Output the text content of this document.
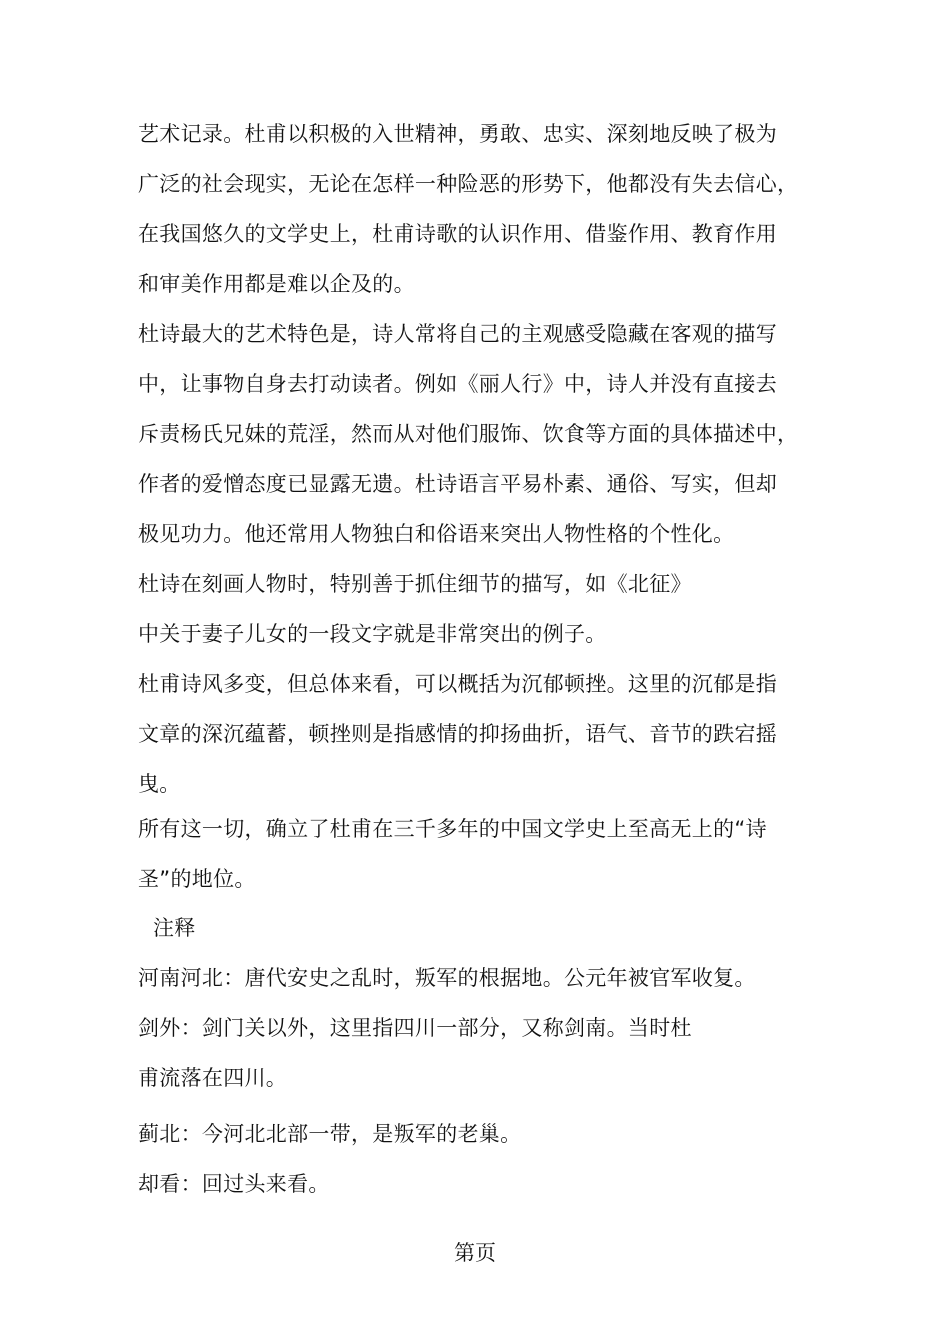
艺术记录。杜甫以积极的入世精神，勇敢、忠实、深刻地反映了极为
广泛的社会现实，无论在怎样一种险恶的形势下，他都没有失去信心，
在我国悠久的文学史上，杜甫诗歌的认识作用、借鉴作用、教育作用
和审美作用都是难以企及的。
杜诗最大的艺术特色是，诗人常将自己的主观感受隐藏在客观的描写
中，让事物自身去打动读者。例如《丽人行》中，诗人并没有直接去
斥责杨氏兄妹的荒淫，然而从对他们服饰、饮食等方面的具体描述中，
作者的爱憎态度已显露无遗。杜诗语言平易朴素、通俗、写实，但却
极见功力。他还常用人物独白和俗语来突出人物性格的个性化。
杜诗在刻画人物时，特别善于抓住细节的描写，如《北征》
中关于妻子儿女的一段文字就是非常突出的例子。
杜甫诗风多变，但总体来看，可以概括为沉郁顿挫。这里的沉郁是指
文章的深沉蕴蓄，顿挫则是指感情的抑扬曲折，语气、音节的跌宕摇
曳。
所有这一切，确立了杜甫在三千多年的中国文学史上至高无上的“诗
圣”的地位。
注释
河南河北：唐代安史之乱时，叛军的根据地。公元年被官军收复。
剑外：剑门关以外，这里指四川一部分，又称剑南。当时杜
甫流落在四川。
蓟北：今河北北部一带，是叛军的老巢。
却看：回过头来看。
第页
